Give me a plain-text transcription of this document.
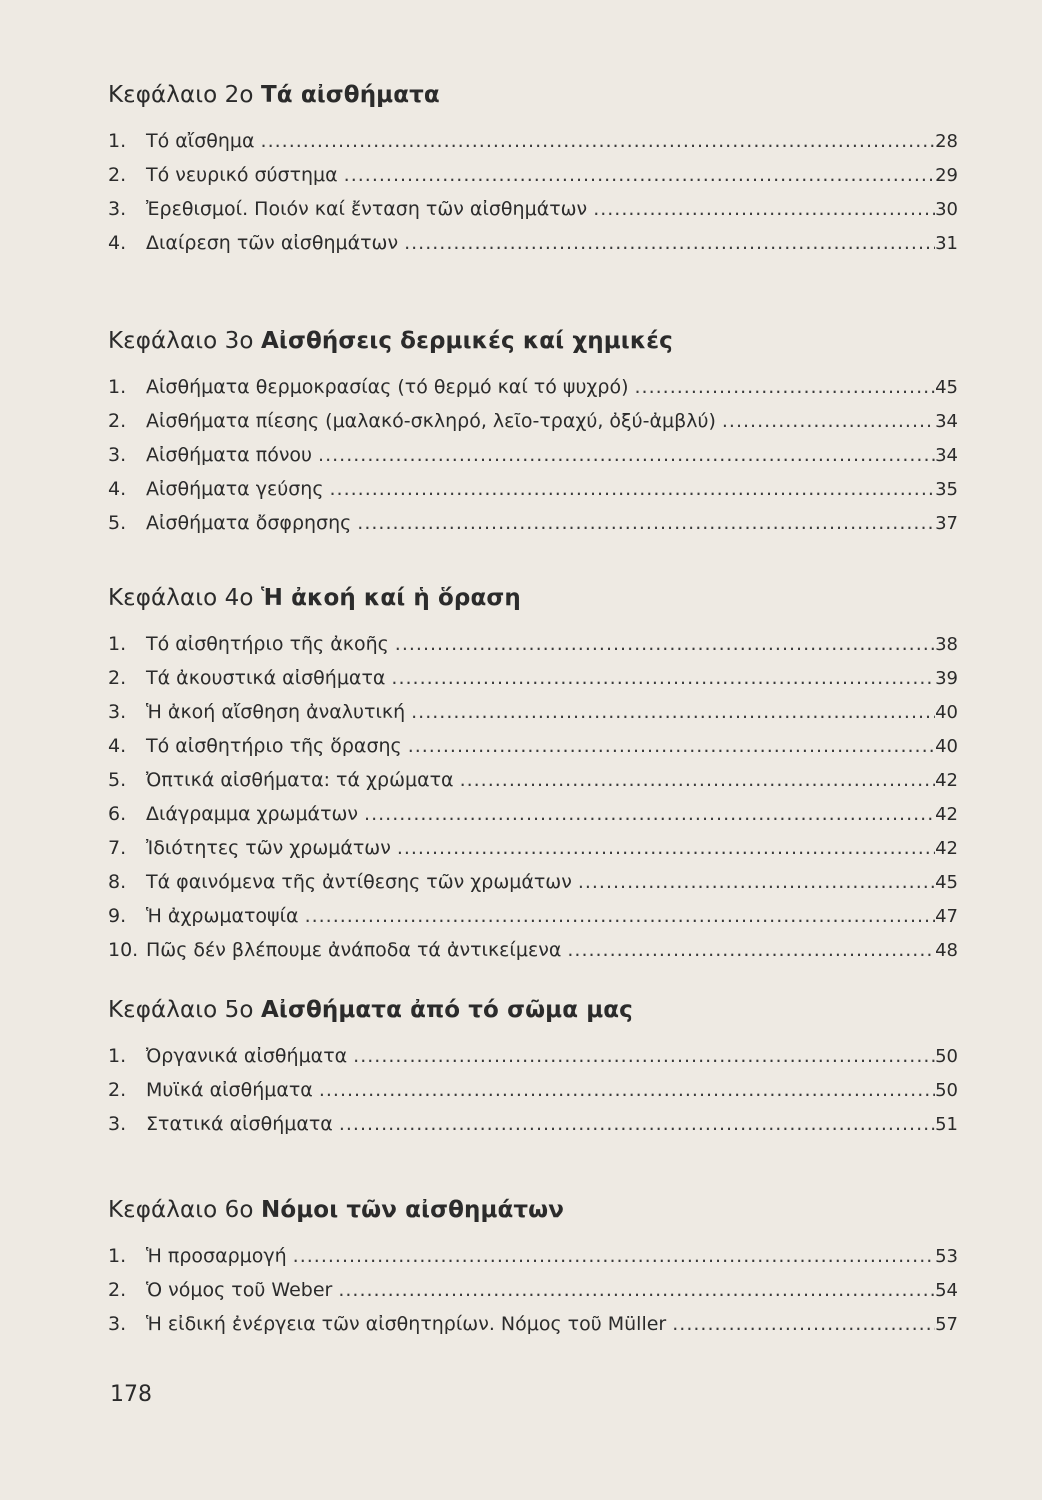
Κεφάλαιο 2ο Τά αἰσθήματα
1.	Τό αἴσθημα .....	28
2.	Τό νευρικό σύστημα .....	29
3.	Ἐρεθισμοί. Ποιόν καί ἔνταση τῶν αἰσθημάτων .....	30
4.	Διαίρεση τῶν αἰσθημάτων .....	31
Κεφάλαιο 3ο Αἰσθήσεις δερμικές καί χημικές
1.	Αἰσθήματα θερμοκρασίας (τό θερμό καί τό ψυχρό) .....	45
2.	Αἰσθήματα πίεσης (μαλακό-σκληρό, λεῖο-τραχύ, ὀξύ-ἀμβλύ) .....	34
3.	Αἰσθήματα πόνου .....	34
4.	Αἰσθήματα γεύσης .....	35
5.	Αἰσθήματα ὄσφρησης .....	37
Κεφάλαιο 4ο Ἡ ἀκοή καί ἡ ὅραση
1.	Τό αἰσθητήριο τῆς ἀκοῆς .....	38
2.	Τά ἀκουστικά αἰσθήματα .....	39
3.	Ἡ ἀκοή αἴσθηση ἀναλυτική .....	40
4.	Τό αἰσθητήριο τῆς ὅρασης .....	40
5.	Ὀπτικά αἰσθήματα: τά χρώματα .....	42
6.	Διάγραμμα χρωμάτων .....	42
7.	Ἰδιότητες τῶν χρωμάτων .....	42
8.	Τά φαινόμενα τῆς ἀντίθεσης τῶν χρωμάτων .....	45
9.	Ἡ ἀχρωματοψία .....	47
10. Πῶς δέν βλέπουμε ἀνάποδα τά ἀντικείμενα .....	48
Κεφάλαιο 5ο Αἰσθήματα ἀπό τό σῶμα μας
1.	Ὀργανικά αἰσθήματα .....	50
2.	Μυϊκά αἰσθήματα .....	50
3.	Στατικά αἰσθήματα .....	51
Κεφάλαιο 6ο Νόμοι τῶν αἰσθημάτων
1.	Ἡ προσαρμογή .....	53
2.	Ὁ νόμος τοῦ Weber .....	54
3.	Ἡ εἰδική ἐνέργεια τῶν αἰσθητηρίων. Νόμος τοῦ Müller .....	57
178
